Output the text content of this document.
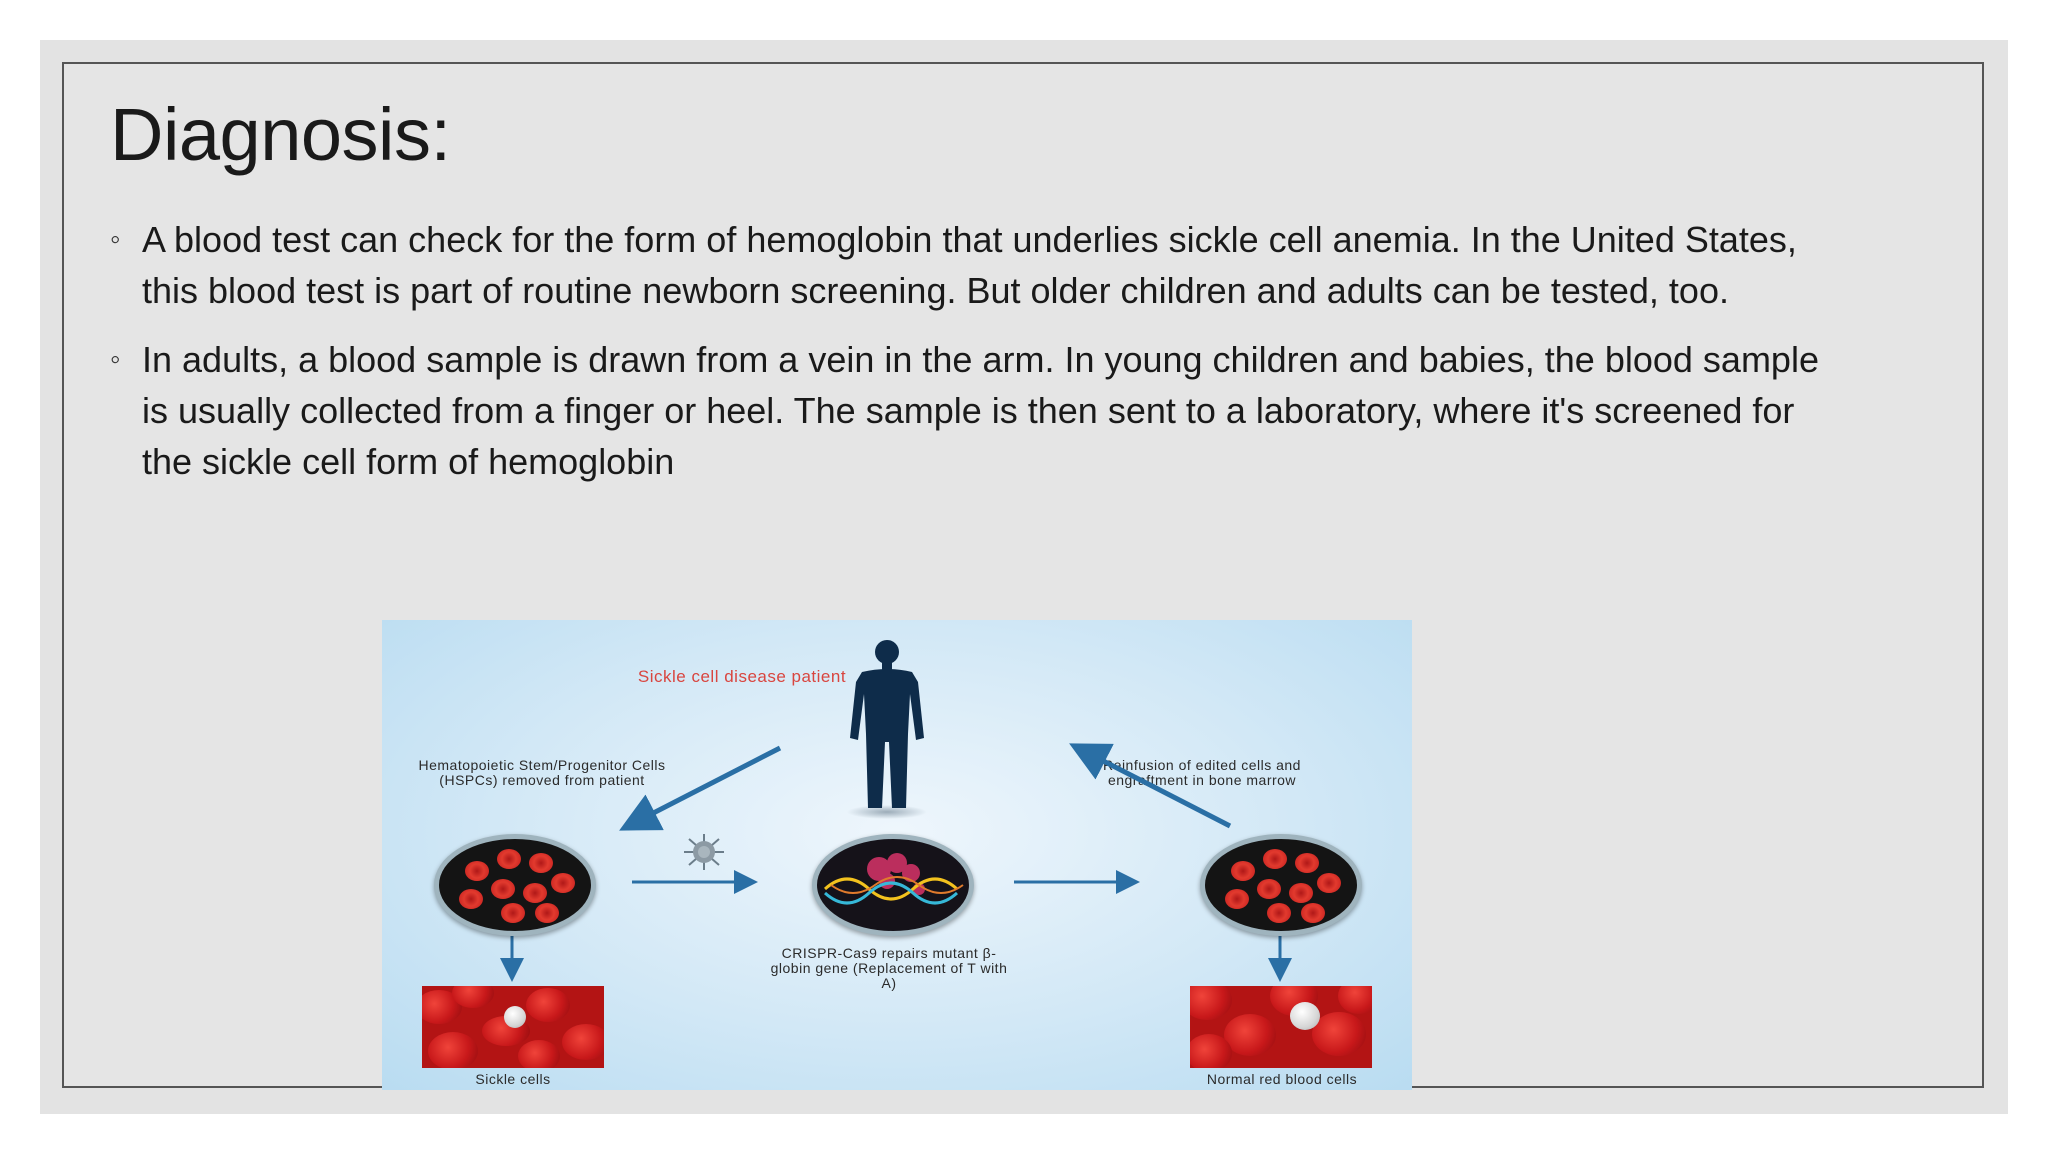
Diagnosis:
◦ A blood test can check for the form of hemoglobin that underlies sickle cell anemia. In the United States, this blood test is part of routine newborn screening. But older children and adults can be tested, too.
◦ In adults, a blood sample is drawn from a vein in the arm. In young children and babies, the blood sample is usually collected from a finger or heel. The sample is then sent to a laboratory, where it's screened for the sickle cell form of hemoglobin
Sickle cell disease patient
Hematopoietic Stem/Progenitor Cells (HSPCs) removed from patient
Reinfusion of edited cells and engraftment in bone marrow
CRISPR-Cas9 repairs mutant β-globin gene (Replacement of T with A)
Sickle cells	Normal red blood cells
